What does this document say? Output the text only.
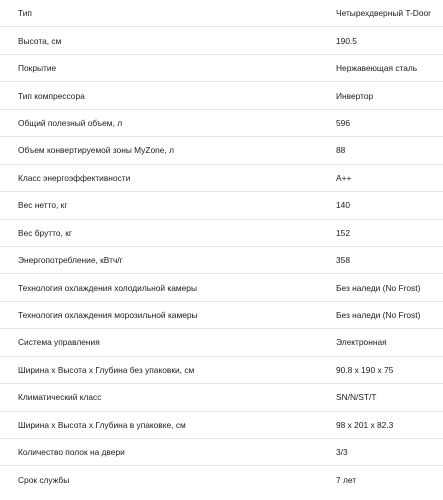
Тип	Четырехдверный T-Door
Высота, см	190.5
Покрытие	Нержавеющая сталь
Тип компрессора	Инвертор
Общий полезный объем, л	596
Объем конвертируемой зоны MyZone, л	88
Класс энергоэффективности	A++
Вес нетто, кг	140
Вес брутто, кг	152
Энергопотребление, кВтч/г	358
Технология охлаждения холодильной камеры	Без наледи (No Frost)
Технология охлаждения морозильной камеры	Без наледи (No Frost)
Система управления	Электронная
Ширина х Высота х Глубина без упаковки, см	90.8 х 190 х 75
Климатический класс	SN/N/ST/T
Ширина х Высота х Глубина в упаковке, см	98 х 201 х 82.3
Количество полок на двери	3/3
Срок службы	7 лет
